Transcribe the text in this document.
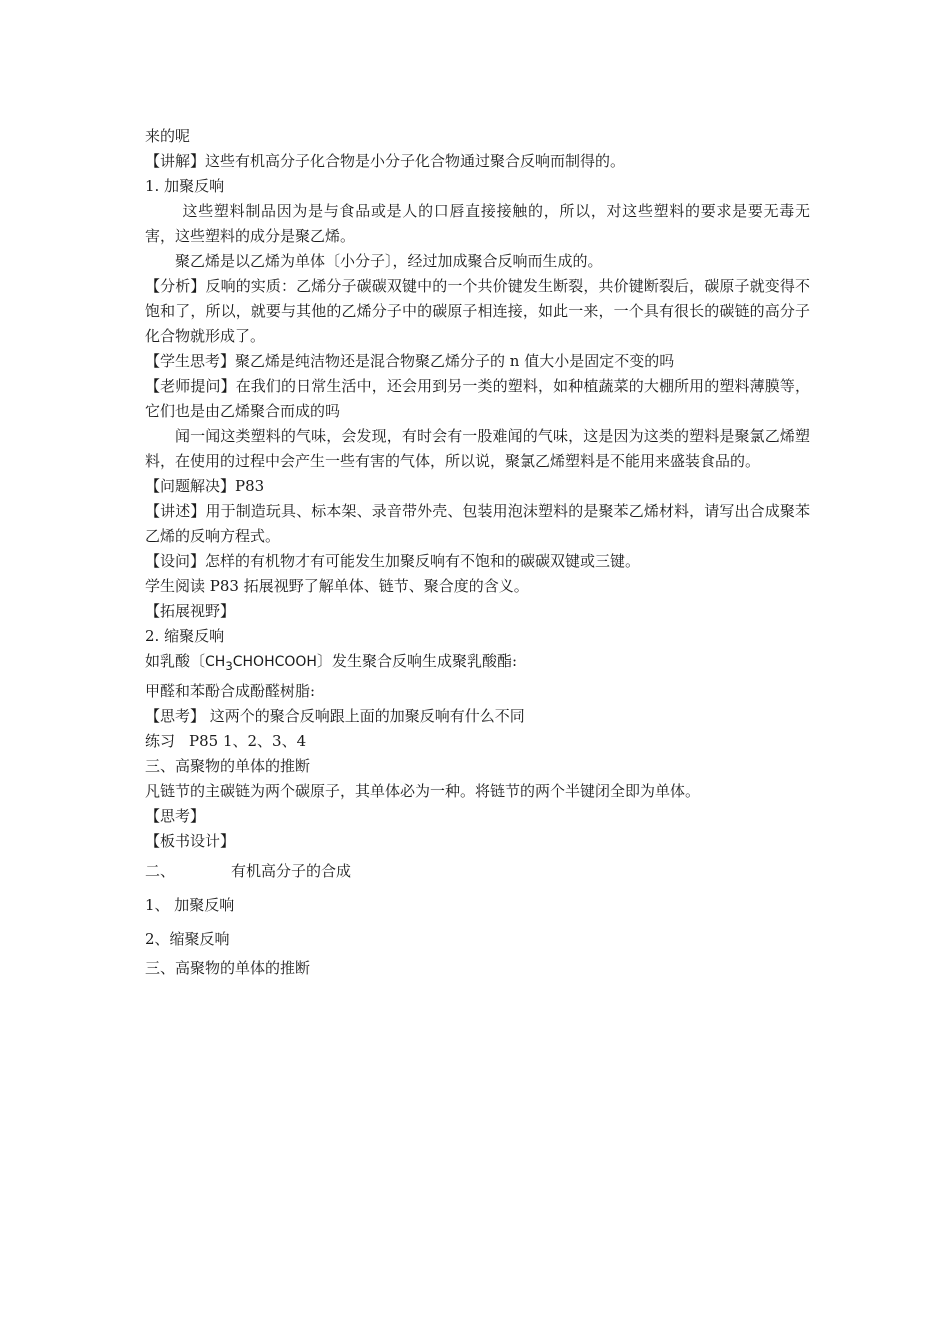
来的呢
【讲解】这些有机高分子化合物是小分子化合物通过聚合反响而制得的。
1. 加聚反响
这些塑料制品因为是与食品或是人的口唇直接接触的，所以，对这些塑料的要求是要无毒无害，这些塑料的成分是聚乙烯。
聚乙烯是以乙烯为单体〔小分子〕，经过加成聚合反响而生成的。
【分析】反响的实质：乙烯分子碳碳双键中的一个共价键发生断裂，共价键断裂后，碳原子就变得不饱和了，所以，就要与其他的乙烯分子中的碳原子相连接，如此一来，一个具有很长的碳链的高分子化合物就形成了。
【学生思考】聚乙烯是纯洁物还是混合物聚乙烯分子的 n 值大小是固定不变的吗
【老师提问】在我们的日常生活中，还会用到另一类的塑料，如种植蔬菜的大棚所用的塑料薄膜等，它们也是由乙烯聚合而成的吗
闻一闻这类塑料的气味，会发现，有时会有一股难闻的气味，这是因为这类的塑料是聚氯乙烯塑料，在使用的过程中会产生一些有害的气体，所以说，聚氯乙烯塑料是不能用来盛装食品的。
【问题解决】P83
【讲述】用于制造玩具、标本架、录音带外壳、包装用泡沫塑料的是聚苯乙烯材料，请写出合成聚苯乙烯的反响方程式。
【设问】怎样的有机物才有可能发生加聚反响有不饱和的碳碳双键或三键。
学生阅读 P83 拓展视野了解单体、链节、聚合度的含义。
【拓展视野】
2. 缩聚反响
如乳酸〔$CH_3CHOHCOOH$〕发生聚合反响生成聚乳酸酯:
甲醛和苯酚合成酚醛树脂:
【思考】 这两个的聚合反响跟上面的加聚反响有什么不同
练习 P85 1、2、3、4
三、高聚物的单体的推断
凡链节的主碳链为两个碳原子，其单体必为一种。将链节的两个半键闭全即为单体。
【思考】
【板书设计】
二、	有机高分子的合成
1、 加聚反响
2、缩聚反响
三、高聚物的单体的推断
